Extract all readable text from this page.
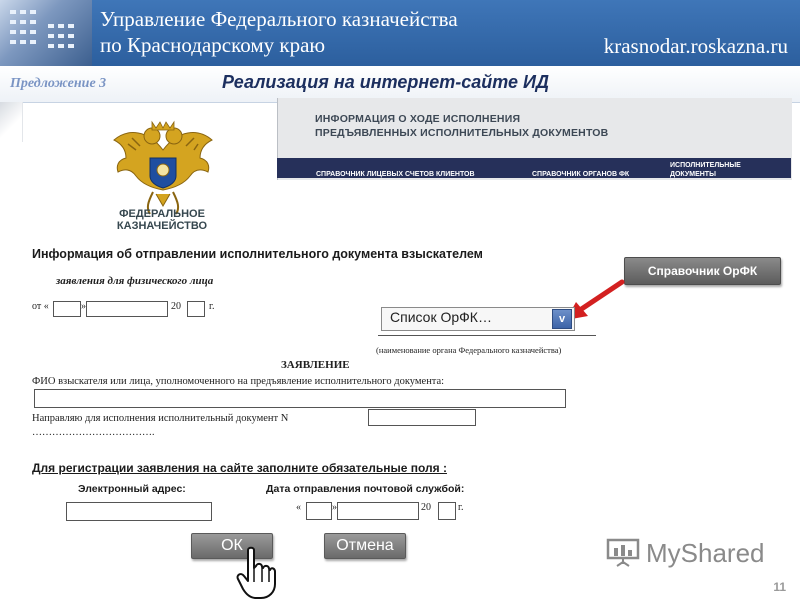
Управление Федерального казначейства
по Краснодарскому краю	krasnodar.roskazna.ru
Предложение 3	Реализация на интернет-сайте ИД

ФЕДЕРАЛЬНОЕ
КАЗНАЧЕЙСТВО

ИНФОРМАЦИЯ О ХОДЕ ИСПОЛНЕНИЯ
ПРЕДЪЯВЛЕННЫХ ИСПОЛНИТЕЛЬНЫХ ДОКУМЕНТОВ

СПРАВОЧНИК ЛИЦЕВЫХ СЧЕТОВ КЛИЕНТОВ	СПРАВОЧНИК ОРГАНОВ ФК
ИСПОЛНИТЕЛЬНЫЕ
ДОКУМЕНТЫ
Информация об отправлении исполнительного документа взыскателем
заявления для физического лица
от «	»	20	г.
Справочник ОрФК
Список ОрФК…	v
(наименование органа Федерального казначейства)
ЗАЯВЛЕНИЕ
ФИО взыскателя или лица, уполномоченного на предъявление исполнительного документа:
Направляю для исполнения исполнительный документ N
……………………………….
Для регистрации заявления на сайте заполните обязательные поля :
Электронный адрес:	Дата отправления почтовой службой:
«	»	20	г.
ОК	Отмена	MyShared
11
